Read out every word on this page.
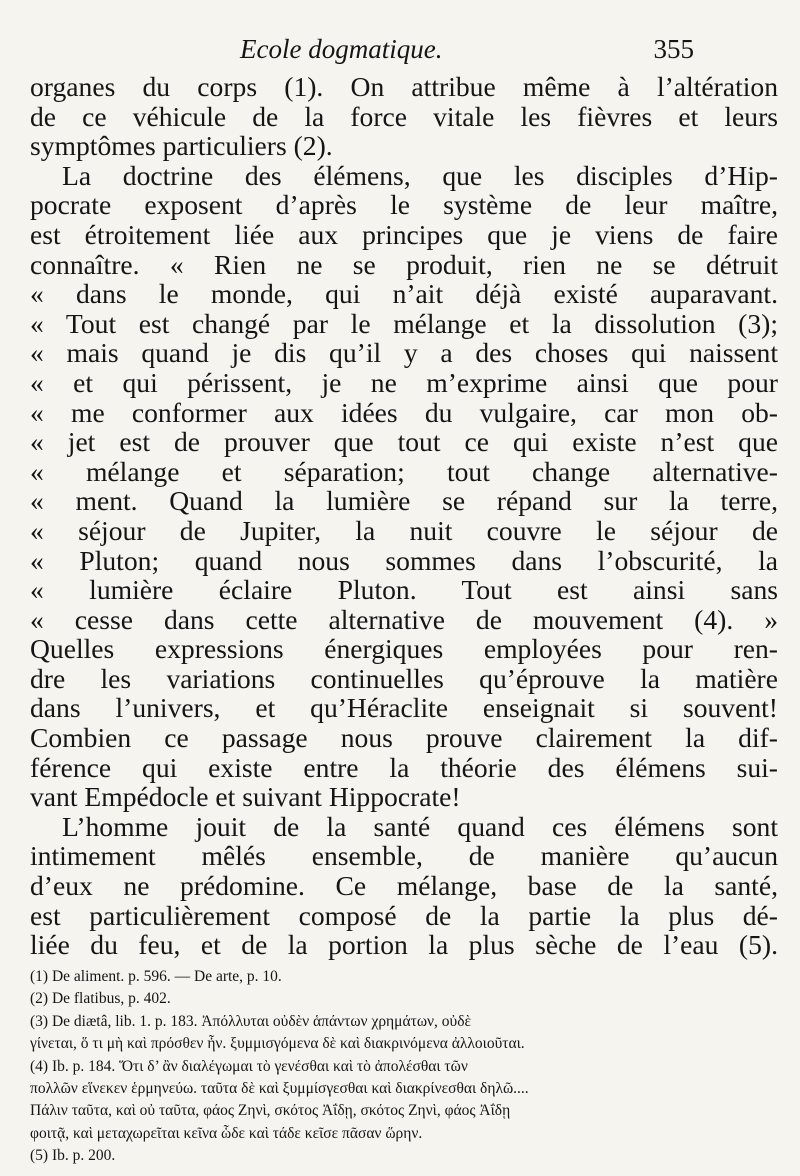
Ecole dogmatique.	355
organes du corps (1). On attribue même à l’altération
de ce véhicule de la force vitale les fièvres et leurs
symptômes particuliers (2).
La doctrine des élémens, que les disciples d’Hip-
pocrate exposent d’après le système de leur maître,
est étroitement liée aux principes que je viens de faire
connaître. « Rien ne se produit, rien ne se détruit
« dans le monde, qui n’ait déjà existé auparavant.
« Tout est changé par le mélange et la dissolution (3);
« mais quand je dis qu’il y a des choses qui naissent
« et qui périssent, je ne m’exprime ainsi que pour
« me conformer aux idées du vulgaire, car mon ob-
« jet est de prouver que tout ce qui existe n’est que
« mélange et séparation; tout change alternative-
« ment. Quand la lumière se répand sur la terre,
« séjour de Jupiter, la nuit couvre le séjour de
« Pluton; quand nous sommes dans l’obscurité, la
« lumière éclaire Pluton. Tout est ainsi sans
« cesse dans cette alternative de mouvement (4). »
Quelles expressions énergiques employées pour ren-
dre les variations continuelles qu’éprouve la matière
dans l’univers, et qu’Héraclite enseignait si souvent!
Combien ce passage nous prouve clairement la dif-
férence qui existe entre la théorie des élémens sui-
vant Empédocle et suivant Hippocrate!
L’homme jouit de la santé quand ces élémens sont
intimement mêlés ensemble, de manière qu’aucun
d’eux ne prédomine. Ce mélange, base de la santé,
est particulièrement composé de la partie la plus dé-
liée du feu, et de la portion la plus sèche de l’eau (5).
(1) De aliment. p. 596. — De arte, p. 10.
(2) De flatibus, p. 402.
(3) De diætâ, lib. 1. p. 183. Ἀπόλλυται οὐδὲν ἁπάντων χρημάτων, οὐδὲ
γίνεται, ὅ τι μὴ καὶ πρόσθεν ἦν. ξυμμισγόμενα δὲ καὶ διακρινόμενα ἀλλοιοῦται.
(4) Ib. p. 184. Ὅτι δ’ ἂν διαλέγωμαι τὸ γενέσθαι καὶ τὸ ἀπολέσθαι τῶν
πολλῶν εἵνεκεν ἑρμηνεύω. ταῦτα δὲ καὶ ξυμμίσγεσθαι καὶ διακρίνεσθαι δηλῶ....
Πάλιν ταῦτα, καὶ οὐ ταῦτα, φάος Ζηνὶ, σκότος Ἀΐδῃ, σκότος Ζηνὶ, φάος Ἀΐδῃ
φοιτᾷ, καὶ μεταχωρεῖται κεῖνα ὧδε καὶ τάδε κεῖσε πᾶσαν ὥρην.
(5) Ib. p. 200.
